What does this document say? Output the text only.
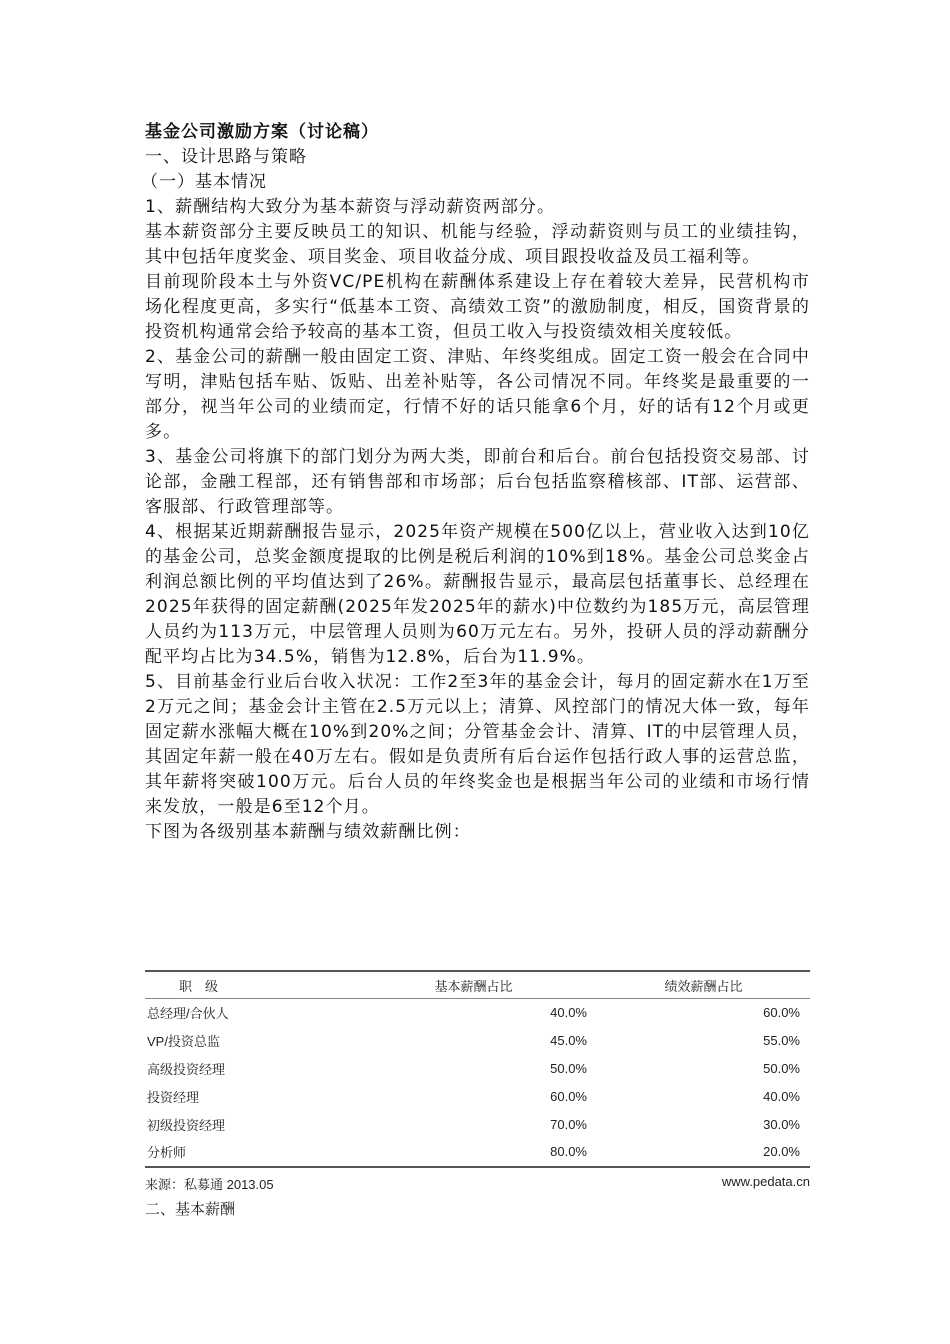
基金公司激励方案（讨论稿）

一、设计思路与策略

（一）基本情况

1、薪酬结构大致分为基本薪资与浮动薪资两部分。

基本薪资部分主要反映员工的知识、机能与经验，浮动薪资则与员工的业绩挂钩，其中包括年度奖金、项目奖金、项目收益分成、项目跟投收益及员工福利等。

目前现阶段本土与外资VC/PE机构在薪酬体系建设上存在着较大差异，民营机构市场化程度更高，多实行“低基本工资、高绩效工资”的激励制度，相反，国资背景的投资机构通常会给予较高的基本工资，但员工收入与投资绩效相关度较低。

2、基金公司的薪酬一般由固定工资、津贴、年终奖组成。固定工资一般会在合同中写明，津贴包括车贴、饭贴、出差补贴等，各公司情况不同。年终奖是最重要的一部分，视当年公司的业绩而定，行情不好的话只能拿6个月，好的话有12个月或更多。

3、基金公司将旗下的部门划分为两大类，即前台和后台。前台包括投资交易部、讨论部，金融工程部，还有销售部和市场部；后台包括监察稽核部、IT部、运营部、客服部、行政管理部等。

4、根据某近期薪酬报告显示，2025年资产规模在500亿以上，营业收入达到10亿的基金公司，总奖金额度提取的比例是税后利润的10%到18%。基金公司总奖金占利润总额比例的平均值达到了26%。薪酬报告显示，最高层包括董事长、总经理在2025年获得的固定薪酬(2025年发2025年的薪水)中位数约为185万元，高层管理人员约为113万元，中层管理人员则为60万元左右。另外，投研人员的浮动薪酬分配平均占比为34.5%，销售为12.8%，后台为11.9%。

5、目前基金行业后台收入状况：工作2至3年的基金会计，每月的固定薪水在1万至2万元之间；基金会计主管在2.5万元以上；清算、风控部门的情况大体一致，每年固定薪水涨幅大概在10%到20%之间；分管基金会计、清算、IT的中层管理人员，其固定年薪一般在40万左右。假如是负责所有后台运作包括行政人事的运营总监，其年薪将突破100万元。后台人员的年终奖金也是根据当年公司的业绩和市场行情来发放，一般是6至12个月。

下图为各级别基本薪酬与绩效薪酬比例：

职　级	基本薪酬占比	绩效薪酬占比
总经理/合伙人	40.0%	60.0%
VP/投资总监	45.0%	55.0%
高级投资经理	50.0%	50.0%
投资经理	60.0%	40.0%
初级投资经理	70.0%	30.0%
分析师	80.0%	20.0%
来源：私募通 2013.05	www.pedata.cn
二、基本薪酬
